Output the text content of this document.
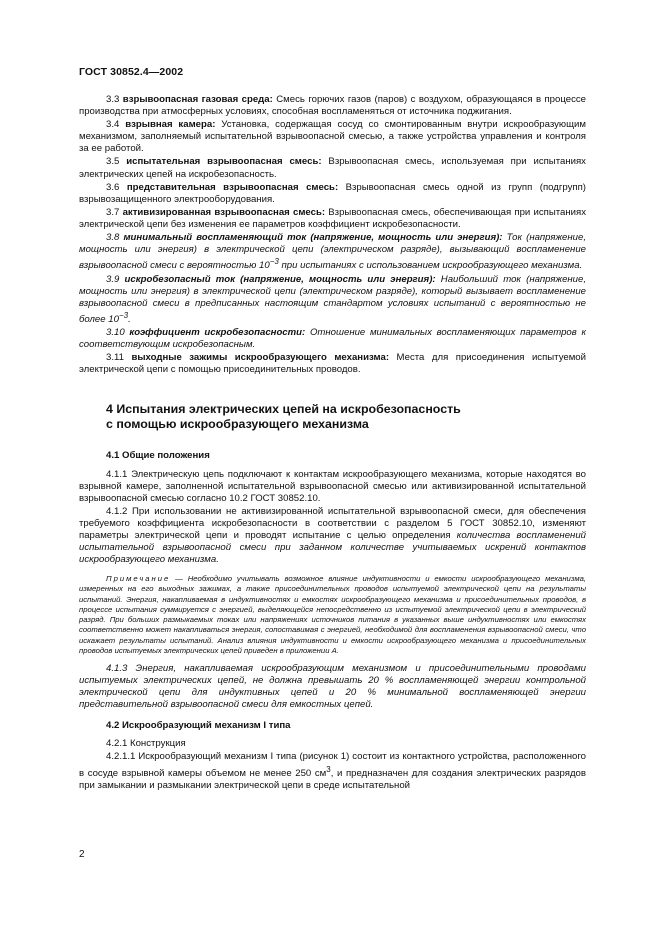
ГОСТ 30852.4—2002

3.3 взрывоопасная газовая среда: Смесь горючих газов (паров) с воздухом, образующаяся в процессе производства при атмосферных условиях, способная воспламеняться от источника поджигания.

3.4 взрывная камера: Установка, содержащая сосуд со смонтированным внутри искрообразующим механизмом, заполняемый испытательной взрывоопасной смесью, а также устройства управления и контроля за ее работой.

3.5 испытательная взрывоопасная смесь: Взрывоопасная смесь, используемая при испытаниях электрических цепей на искробезопасность.

3.6 представительная взрывоопасная смесь: Взрывоопасная смесь одной из групп (подгрупп) взрывозащищенного электрооборудования.

3.7 активизированная взрывоопасная смесь: Взрывоопасная смесь, обеспечивающая при испытаниях электрической цепи без изменения ее параметров коэффициент искробезопасности.

3.8 минимальный воспламеняющий ток (напряжение, мощность или энергия): Ток (напряжение, мощность или энергия) в электрической цепи (электрическом разряде), вызывающий воспламенение взрывоопасной смеси с вероятностью $10^{-3}$ при испытаниях с использованием искрообразующего механизма.

3.9 искробезопасный ток (напряжение, мощность или энергия): Наибольший ток (напряжение, мощность или энергия) в электрической цепи (электрическом разряде), который вызывает воспламенение взрывоопасной смеси в предписанных настоящим стандартом условиях испытаний с вероятностью не более $10^{-3}$.

3.10 коэффициент искробезопасности: Отношение минимальных воспламеняющих параметров к соответствующим искробезопасным.

3.11 выходные зажимы искрообразующего механизма: Места для присоединения испытуемой электрической цепи с помощью присоединительных проводов.

4 Испытания электрических цепей на искробезопасность
с помощью искрообразующего механизма
4.1 Общие положения

4.1.1 Электрическую цепь подключают к контактам искрообразующего механизма, которые находятся во взрывной камере, заполненной испытательной взрывоопасной смесью или активизированной испытательной взрывоопасной смесью согласно 10.2 ГОСТ 30852.10.

4.1.2 При использовании не активизированной испытательной взрывоопасной смеси, для обеспечения требуемого коэффициента искробезопасности в соответствии с разделом 5 ГОСТ 30852.10, изменяют параметры электрической цепи и проводят испытание с целью определения количества воспламенений испытательной взрывоопасной смеси при заданном количестве учитываемых искрений контактов искрообразующего механизма.

Примечание — Необходимо учитывать возможное влияние индуктивности и емкости искрообразующего механизма, измеренных на его выходных зажимах, а также присоединительных проводов испытуемой электрической цепи на результаты испытаний. Энергия, накапливаемая в индуктивностях и емкостях искрообразующего механизма и присоединительных проводов, в процессе испытания суммируется с энергией, выделяющейся непосредственно из испытуемой электрической цепи в электрический разряд. При больших размыкаемых токах или напряжениях источников питания в указанных выше индуктивностях или емкостях соответственно может накапливаться энергия, сопоставимая с энергией, необходимой для воспламенения взрывоопасной смеси, что искажает результаты испытаний. Анализ влияния индуктивности и емкости искрообразующего механизма и присоединительных проводов испытуемых электрических цепей приведен в приложении А.

4.1.3 Энергия, накапливаемая искрообразующим механизмом и присоединительными проводами испытуемых электрических цепей, не должна превышать 20 % воспламеняющей энергии контрольной электрической цепи для индуктивных цепей и 20 % минимальной воспламеняющей энергии представительной взрывоопасной смеси для емкостных цепей.

4.2 Искрообразующий механизм I типа

4.2.1 Конструкция

4.2.1.1 Искрообразующий механизм I типа (рисунок 1) состоит из контактного устройства, расположенного в сосуде взрывной камеры объемом не менее 250 $см^3$, и предназначен для создания электрических разрядов при замыкании и размыкании электрической цепи в среде испытательной

2
